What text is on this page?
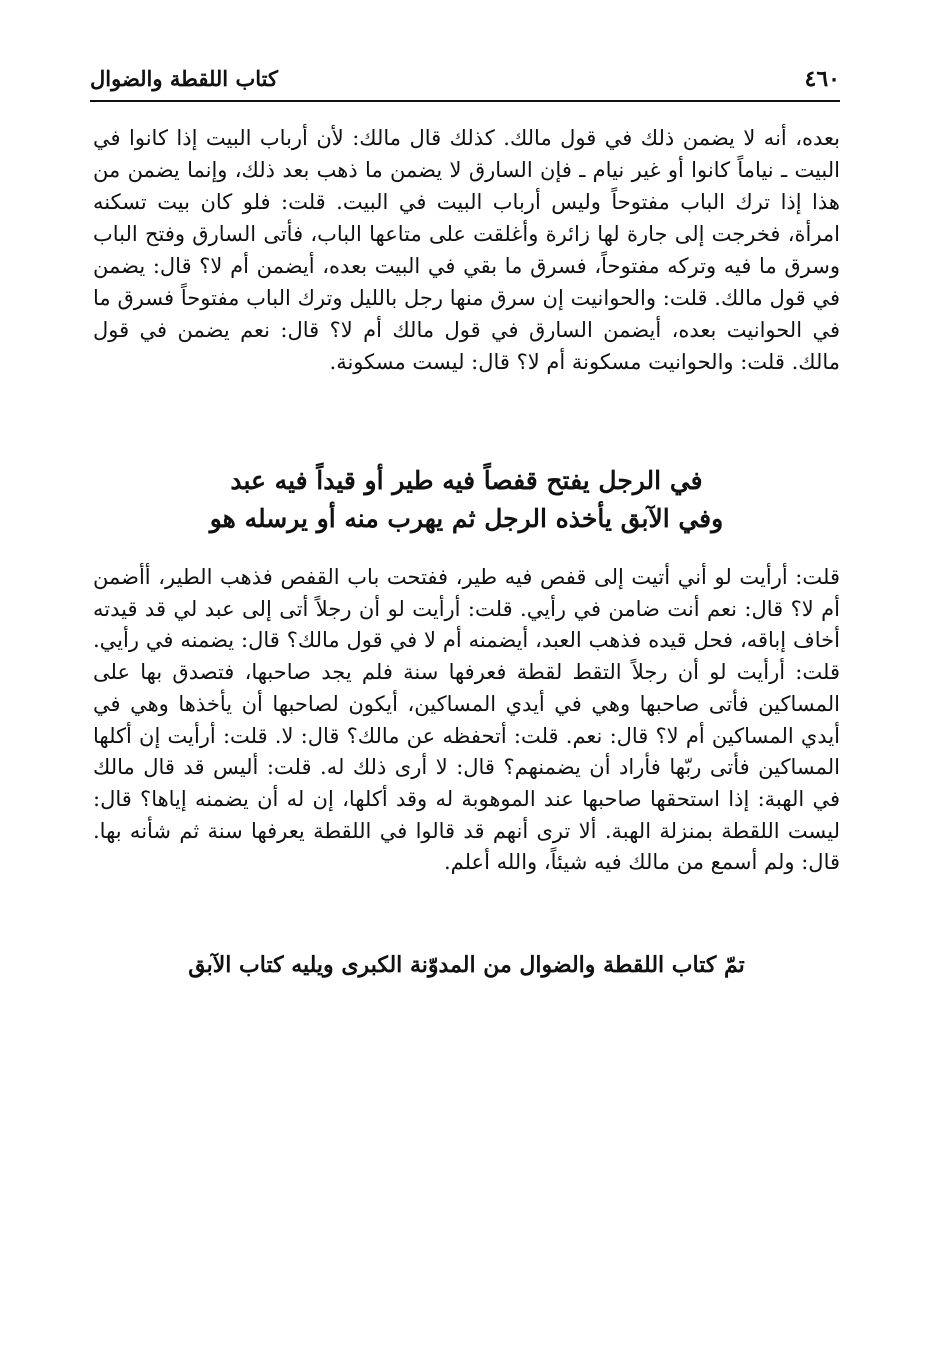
٤٦٠
كتاب اللقطة والضوال

بعده، أنه لا يضمن ذلك في قول مالك. كذلك قال مالك: لأن أرباب البيت إذا كانوا في البيت ـ نياماً كانوا أو غير نيام ـ فإن السارق لا يضمن ما ذهب بعد ذلك، وإنما يضمن من هذا إذا ترك الباب مفتوحاً وليس أرباب البيت في البيت. قلت: فلو كان بيت تسكنه امرأة، فخرجت إلى جارة لها زائرة وأغلقت على متاعها الباب، فأتى السارق وفتح الباب وسرق ما فيه وتركه مفتوحاً، فسرق ما بقي في البيت بعده، أيضمن أم لا؟ قال: يضمن في قول مالك. قلت: والحوانيت إن سرق منها رجل بالليل وترك الباب مفتوحاً فسرق ما في الحوانيت بعده، أيضمن السارق في قول مالك أم لا؟ قال: نعم يضمن في قول مالك. قلت: والحوانيت مسكونة أم لا؟ قال: ليست مسكونة.

في الرجل يفتح قفصاً فيه طير أو قيداً فيه عبد
وفي الآبق يأخذه الرجل ثم يهرب منه أو يرسله هو

قلت: أرأيت لو أني أتيت إلى قفص فيه طير، ففتحت باب القفص فذهب الطير، أأضمن أم لا؟ قال: نعم أنت ضامن في رأيي. قلت: أرأيت لو أن رجلاً أتى إلى عبد لي قد قيدته أخاف إباقه، فحل قيده فذهب العبد، أيضمنه أم لا في قول مالك؟ قال: يضمنه في رأيي. قلت: أرأيت لو أن رجلاً التقط لقطة فعرفها سنة فلم يجد صاحبها، فتصدق بها على المساكين فأتى صاحبها وهي في أيدي المساكين، أيكون لصاحبها أن يأخذها وهي في أيدي المساكين أم لا؟ قال: نعم. قلت: أتحفظه عن مالك؟ قال: لا. قلت: أرأيت إن أكلها المساكين فأتى ربّها فأراد أن يضمنهم؟ قال: لا أرى ذلك له. قلت: أليس قد قال مالك في الهبة: إذا استحقها صاحبها عند الموهوبة له وقد أكلها، إن له أن يضمنه إياها؟ قال: ليست اللقطة بمنزلة الهبة. ألا ترى أنهم قد قالوا في اللقطة يعرفها سنة ثم شأنه بها. قال: ولم أسمع من مالك فيه شيئاً، والله أعلم.

تمّ كتاب اللقطة والضوال من المدوّنة الكبرى ويليه كتاب الآبق
